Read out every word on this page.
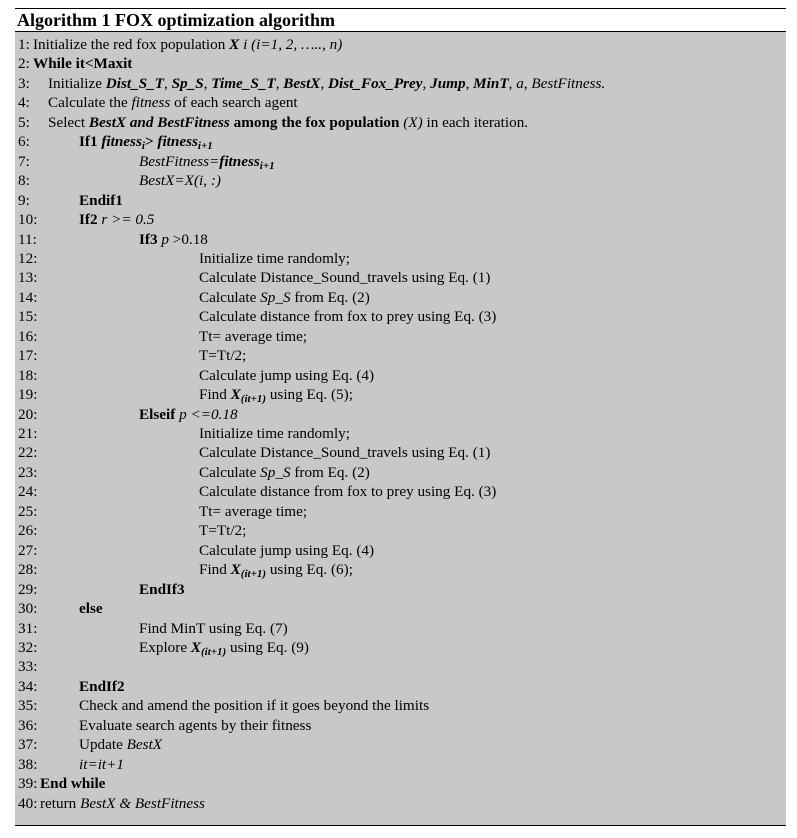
Algorithm 1 FOX optimization algorithm
1: Initialize the red fox population X i (i=1, 2, ….., n)
2: While it<Maxit
3: Initialize Dist_S_T, Sp_S, Time_S_T, BestX, Dist_Fox_Prey, Jump, MinT, a, BestFitness.
4: Calculate the fitness of each search agent
5: Select BestX and BestFitness among the fox population (X) in each iteration.
6:	If1 fitness$_i$> fitness$_{i+1}$
7:	BestFitness=fitness$_{i+1}$
8:	BestX=X(i, :)
9:	Endif1
10:	If2 r >= 0.5
11:	If3 p >0.18
12:	Initialize time randomly;
13:	Calculate Distance_Sound_travels using Eq. (1)
14:	Calculate Sp_S from Eq. (2)
15:	Calculate distance from fox to prey using Eq. (3)
16:	Tt= average time;
17:	T=Tt/2;
18:	Calculate jump using Eq. (4)
19:	Find $X_{(it+1)}$ using Eq. (5);
20:	Elseif p <=0.18
21:	Initialize time randomly;
22:	Calculate Distance_Sound_travels using Eq. (1)
23:	Calculate Sp_S from Eq. (2)
24:	Calculate distance from fox to prey using Eq. (3)
25:	Tt= average time;
26:	T=Tt/2;
27:	Calculate jump using Eq. (4)
28:	Find $X_{(it+1)}$ using Eq. (6);
29:	EndIf3
30:	else
31:	Find MinT using Eq. (7)
32:	Explore $X_{(it+1)}$ using Eq. (9)
33:
34:	EndIf2
35:	Check and amend the position if it goes beyond the limits
36:	Evaluate search agents by their fitness
37:	Update BestX
38:	it=it+1
39: End while
40: return BestX & BestFitness
